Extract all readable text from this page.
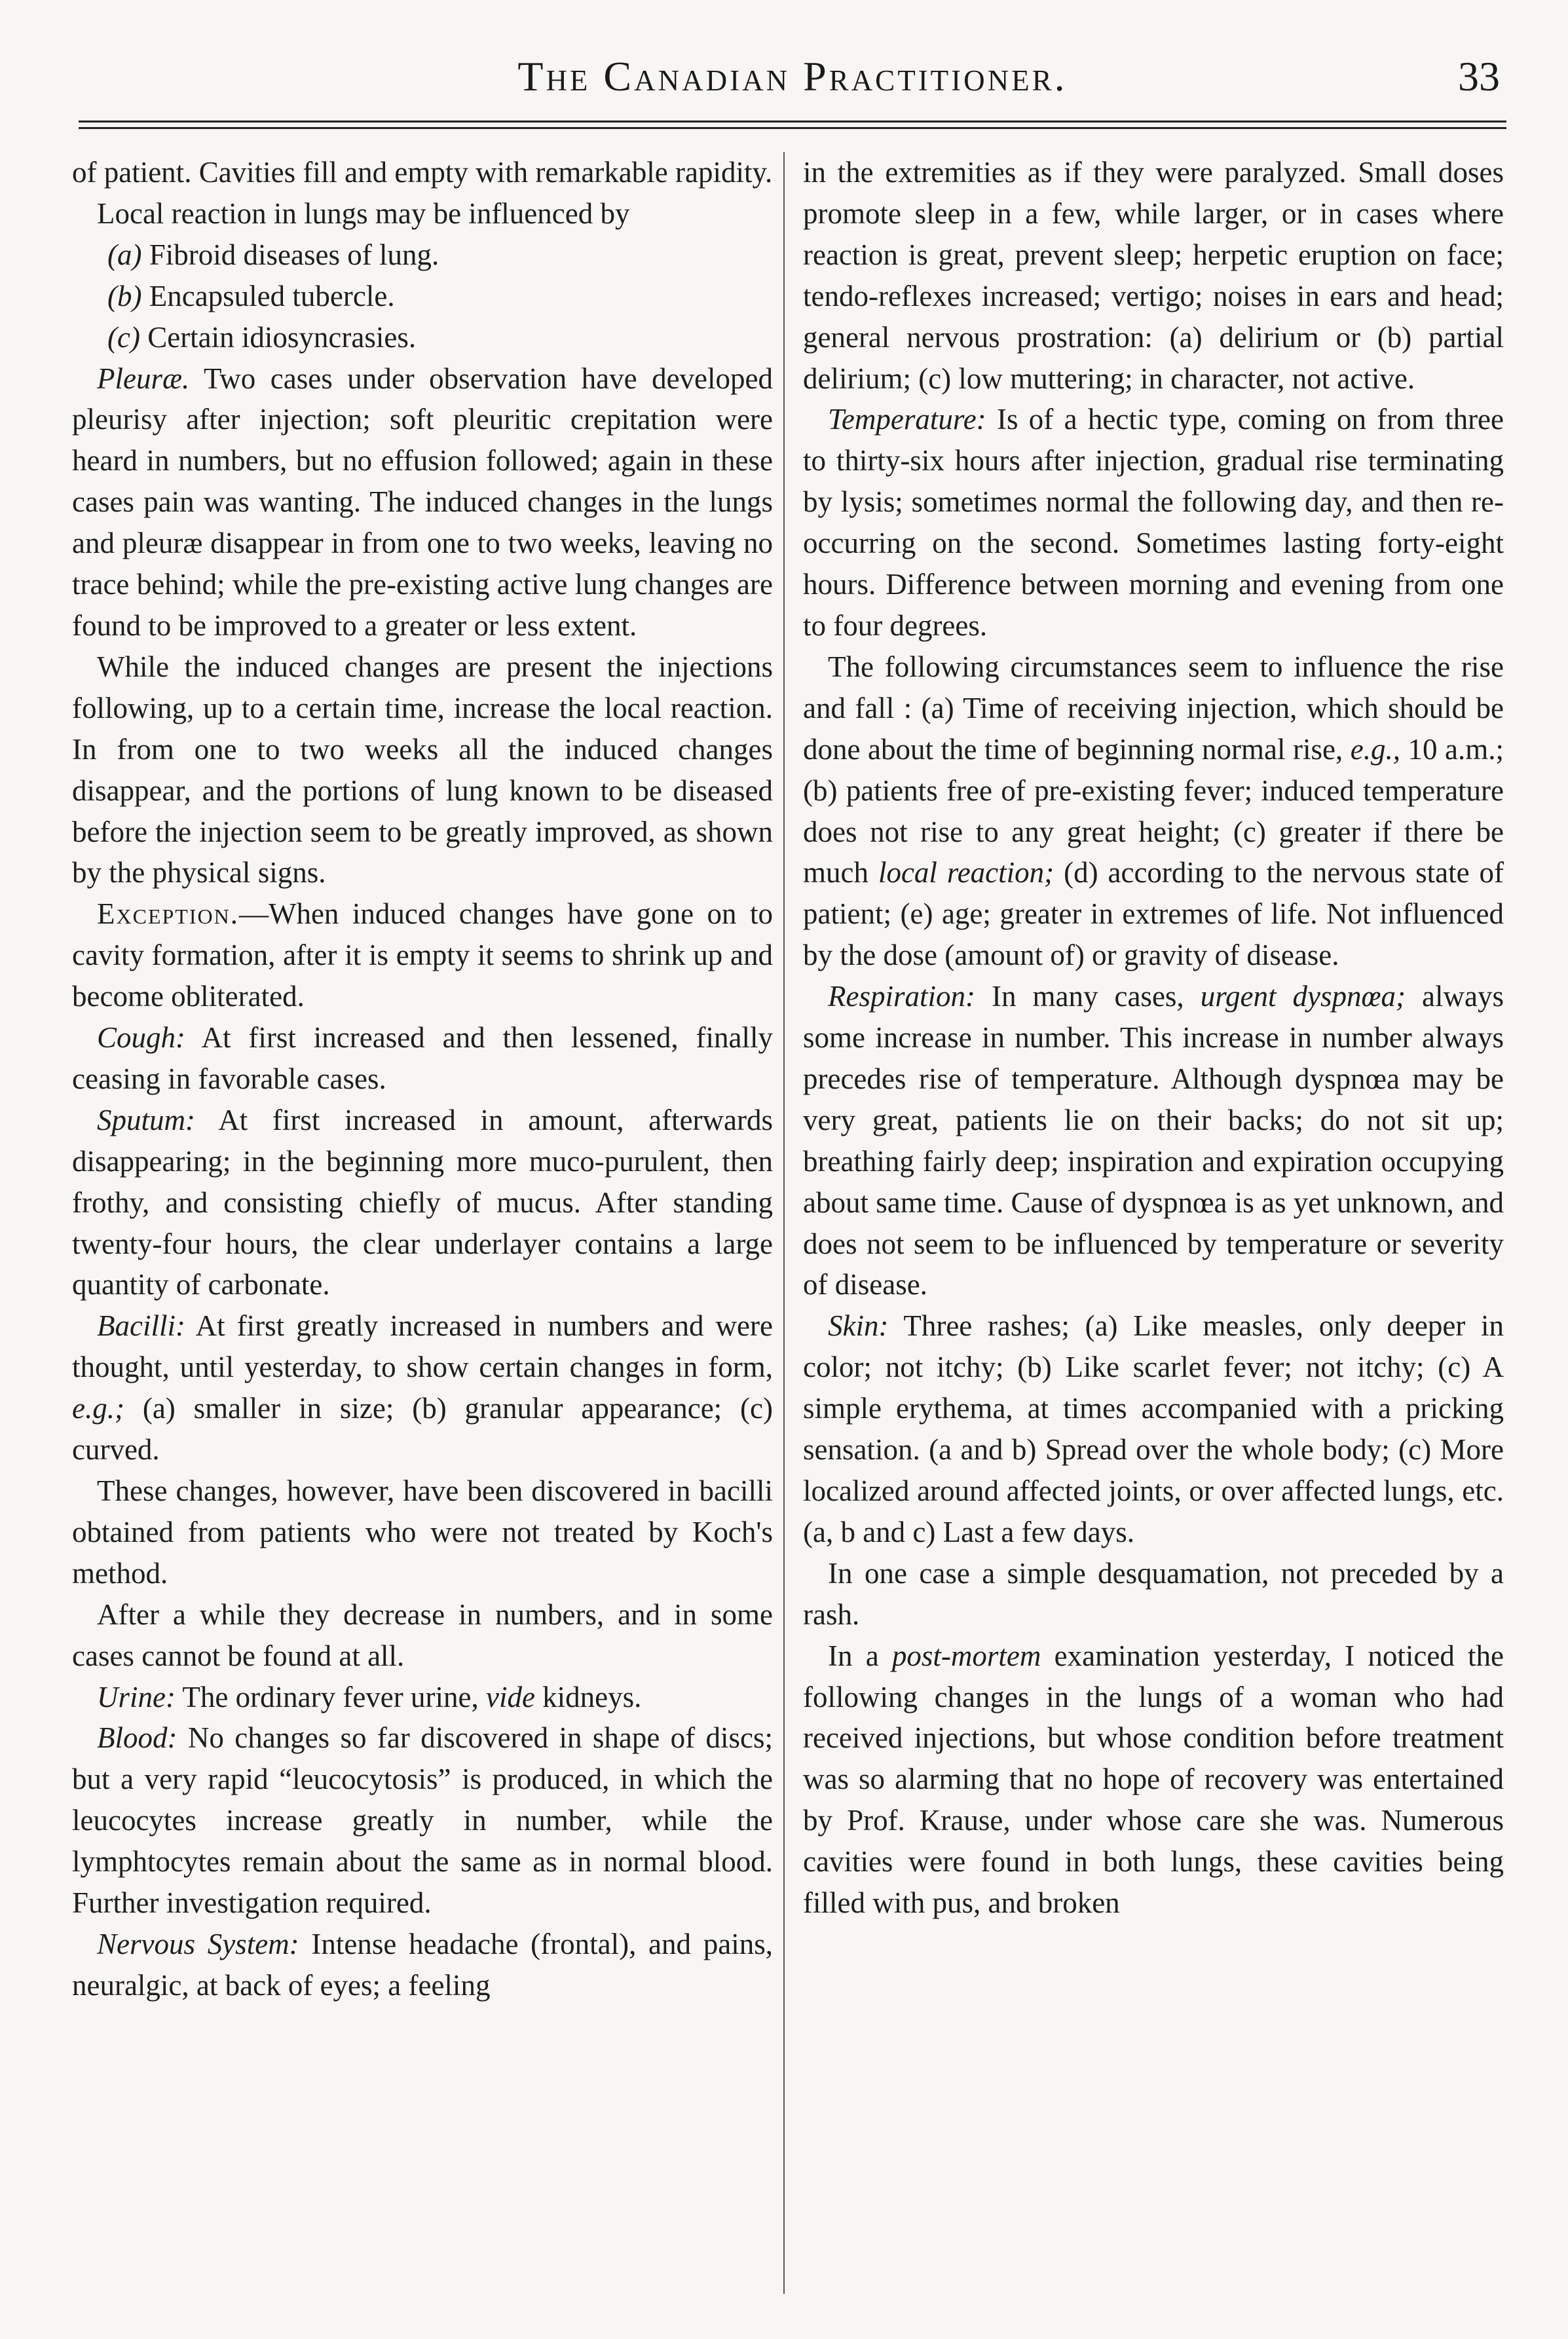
The Canadian Practitioner.	33

of patient. Cavities fill and empty with remarkable rapidity.

Local reaction in lungs may be influenced by

(a) Fibroid diseases of lung.

(b) Encapsuled tubercle.

(c) Certain idiosyncrasies.

Pleuræ. Two cases under observation have developed pleurisy after injection; soft pleuritic crepitation were heard in numbers, but no effusion followed; again in these cases pain was wanting. The induced changes in the lungs and pleuræ disappear in from one to two weeks, leaving no trace behind; while the pre-existing active lung changes are found to be improved to a greater or less extent.

While the induced changes are present the injections following, up to a certain time, increase the local reaction. In from one to two weeks all the induced changes disappear, and the portions of lung known to be diseased before the injection seem to be greatly improved, as shown by the physical signs.

Exception.—When induced changes have gone on to cavity formation, after it is empty it seems to shrink up and become obliterated.

Cough: At first increased and then lessened, finally ceasing in favorable cases.

Sputum: At first increased in amount, afterwards disappearing; in the beginning more muco-purulent, then frothy, and consisting chiefly of mucus. After standing twenty-four hours, the clear underlayer contains a large quantity of carbonate.

Bacilli: At first greatly increased in numbers and were thought, until yesterday, to show certain changes in form, e.g.; (a) smaller in size; (b) granular appearance; (c) curved.

These changes, however, have been discovered in bacilli obtained from patients who were not treated by Koch's method.

After a while they decrease in numbers, and in some cases cannot be found at all.

Urine: The ordinary fever urine, vide kidneys.

Blood: No changes so far discovered in shape of discs; but a very rapid “leucocytosis” is produced, in which the leucocytes increase greatly in number, while the lymphtocytes remain about the same as in normal blood. Further investigation required.

Nervous System: Intense headache (frontal), and pains, neuralgic, at back of eyes; a feeling

in the extremities as if they were paralyzed. Small doses promote sleep in a few, while larger, or in cases where reaction is great, prevent sleep; herpetic eruption on face; tendo-reflexes increased; vertigo; noises in ears and head; general nervous prostration: (a) delirium or (b) partial delirium; (c) low muttering; in character, not active.

Temperature: Is of a hectic type, coming on from three to thirty-six hours after injection, gradual rise terminating by lysis; sometimes normal the following day, and then re-occurring on the second. Sometimes lasting forty-eight hours. Difference between morning and evening from one to four degrees.

The following circumstances seem to influence the rise and fall : (a) Time of receiving injection, which should be done about the time of beginning normal rise, e.g., 10 a.m.; (b) patients free of pre-existing fever; induced temperature does not rise to any great height; (c) greater if there be much local reaction; (d) according to the nervous state of patient; (e) age; greater in extremes of life. Not influenced by the dose (amount of) or gravity of disease.

Respiration: In many cases, urgent dyspnœa; always some increase in number. This increase in number always precedes rise of temperature. Although dyspnœa may be very great, patients lie on their backs; do not sit up; breathing fairly deep; inspiration and expiration occupying about same time. Cause of dyspnœa is as yet unknown, and does not seem to be influenced by temperature or severity of disease.

Skin: Three rashes; (a) Like measles, only deeper in color; not itchy; (b) Like scarlet fever; not itchy; (c) A simple erythema, at times accompanied with a pricking sensation. (a and b) Spread over the whole body; (c) More localized around affected joints, or over affected lungs, etc. (a, b and c) Last a few days.

In one case a simple desquamation, not preceded by a rash.

In a post-mortem examination yesterday, I noticed the following changes in the lungs of a woman who had received injections, but whose condition before treatment was so alarming that no hope of recovery was entertained by Prof. Krause, under whose care she was. Numerous cavities were found in both lungs, these cavities being filled with pus, and broken
